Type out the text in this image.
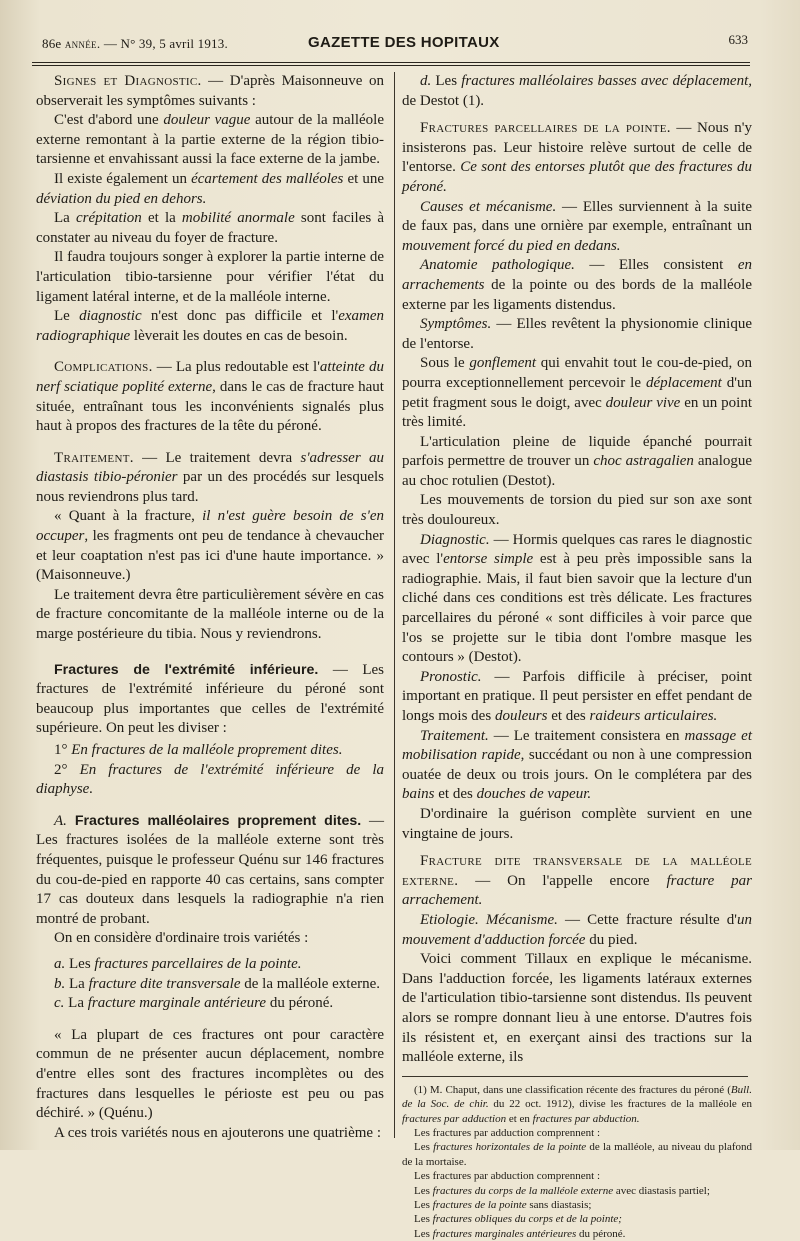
86e année. — N° 39, 5 avril 1913.	GAZETTE DES HOPITAUX	633

Signes et Diagnostic. — D'après Maisonneuve on observerait les symptômes suivants :

C'est d'abord une douleur vague autour de la malléole externe remontant à la partie externe de la région tibio-tarsienne et envahissant aussi la face externe de la jambe.

Il existe également un écartement des malléoles et une déviation du pied en dehors.

La crépitation et la mobilité anormale sont faciles à constater au niveau du foyer de fracture.

Il faudra toujours songer à explorer la partie interne de l'articulation tibio-tarsienne pour vérifier l'état du ligament latéral interne, et de la malléole interne.

Le diagnostic n'est donc pas difficile et l'examen radiographique lèverait les doutes en cas de besoin.

Complications. — La plus redoutable est l'atteinte du nerf sciatique poplité externe, dans le cas de fracture haut située, entraînant tous les inconvénients signalés plus haut à propos des fractures de la tête du péroné.

Traitement. — Le traitement devra s'adresser au diastasis tibio-péronier par un des procédés sur lesquels nous reviendrons plus tard.

« Quant à la fracture, il n'est guère besoin de s'en occuper, les fragments ont peu de tendance à chevaucher et leur coaptation n'est pas ici d'une haute importance. » (Maisonneuve.)

Le traitement devra être particulièrement sévère en cas de fracture concomitante de la malléole interne ou de la marge postérieure du tibia. Nous y reviendrons.

Fractures de l'extrémité inférieure. — Les fractures de l'extrémité inférieure du péroné sont beaucoup plus importantes que celles de l'extrémité supérieure. On peut les diviser :

1° En fractures de la malléole proprement dites.

2° En fractures de l'extrémité inférieure de la diaphyse.

A. Fractures malléolaires proprement dites. — Les fractures isolées de la malléole externe sont très fréquentes, puisque le professeur Quénu sur 146 fractures du cou-de-pied en rapporte 40 cas certains, sans compter 17 cas douteux dans lesquels la radiographie n'a rien montré de probant.

On en considère d'ordinaire trois variétés :

a. Les fractures parcellaires de la pointe.

b. La fracture dite transversale de la malléole externe.

c. La fracture marginale antérieure du péroné.

« La plupart de ces fractures ont pour caractère commun de ne présenter aucun déplacement, nombre d'entre elles sont des fractures incomplètes ou des fractures dans lesquelles le périoste est peu ou pas déchiré. » (Quénu.)

A ces trois variétés nous en ajouterons une quatrième :

d. Les fractures malléolaires basses avec déplacement, de Destot (1).

Fractures parcellaires de la pointe. — Nous n'y insisterons pas. Leur histoire relève surtout de celle de l'entorse. Ce sont des entorses plutôt que des fractures du péroné.

Causes et mécanisme. — Elles surviennent à la suite de faux pas, dans une ornière par exemple, entraînant un mouvement forcé du pied en dedans.

Anatomie pathologique. — Elles consistent en arrachements de la pointe ou des bords de la malléole externe par les ligaments distendus.

Symptômes. — Elles revêtent la physionomie clinique de l'entorse.

Sous le gonflement qui envahit tout le cou-de-pied, on pourra exceptionnellement percevoir le déplacement d'un petit fragment sous le doigt, avec douleur vive en un point très limité.

L'articulation pleine de liquide épanché pourrait parfois permettre de trouver un choc astragalien analogue au choc rotulien (Destot).

Les mouvements de torsion du pied sur son axe sont très douloureux.

Diagnostic. — Hormis quelques cas rares le diagnostic avec l'entorse simple est à peu près impossible sans la radiographie. Mais, il faut bien savoir que la lecture d'un cliché dans ces conditions est très délicate. Les fractures parcellaires du péroné « sont difficiles à voir parce que l'os se projette sur le tibia dont l'ombre masque les contours » (Destot).

Pronostic. — Parfois difficile à préciser, point important en pratique. Il peut persister en effet pendant de longs mois des douleurs et des raideurs articulaires.

Traitement. — Le traitement consistera en massage et mobilisation rapide, succédant ou non à une compression ouatée de deux ou trois jours. On le complétera par des bains et des douches de vapeur.

D'ordinaire la guérison complète survient en une vingtaine de jours.

Fracture dite transversale de la malléole externe. — On l'appelle encore fracture par arrachement.

Etiologie. Mécanisme. — Cette fracture résulte d'un mouvement d'adduction forcée du pied.

Voici comment Tillaux en explique le mécanisme. Dans l'adduction forcée, les ligaments latéraux externes de l'articulation tibio-tarsienne sont distendus. Ils peuvent alors se rompre donnant lieu à une entorse. D'autres fois ils résistent et, en exerçant ainsi des tractions sur la malléole externe, ils

(1) M. Chaput, dans une classification récente des fractures du péroné (Bull. de la Soc. de chir. du 22 oct. 1912), divise les fractures de la malléole en fractures par adduction et en fractures par abduction.

Les fractures par adduction comprennent :

Les fractures horizontales de la pointe de la malléole, au niveau du plafond de la mortaise.

Les fractures par abduction comprennent :

Les fractures du corps de la malléole externe avec diastasis partiel;

Les fractures de la pointe sans diastasis;

Les fractures obliques du corps et de la pointe;

Les fractures marginales antérieures du péroné.
